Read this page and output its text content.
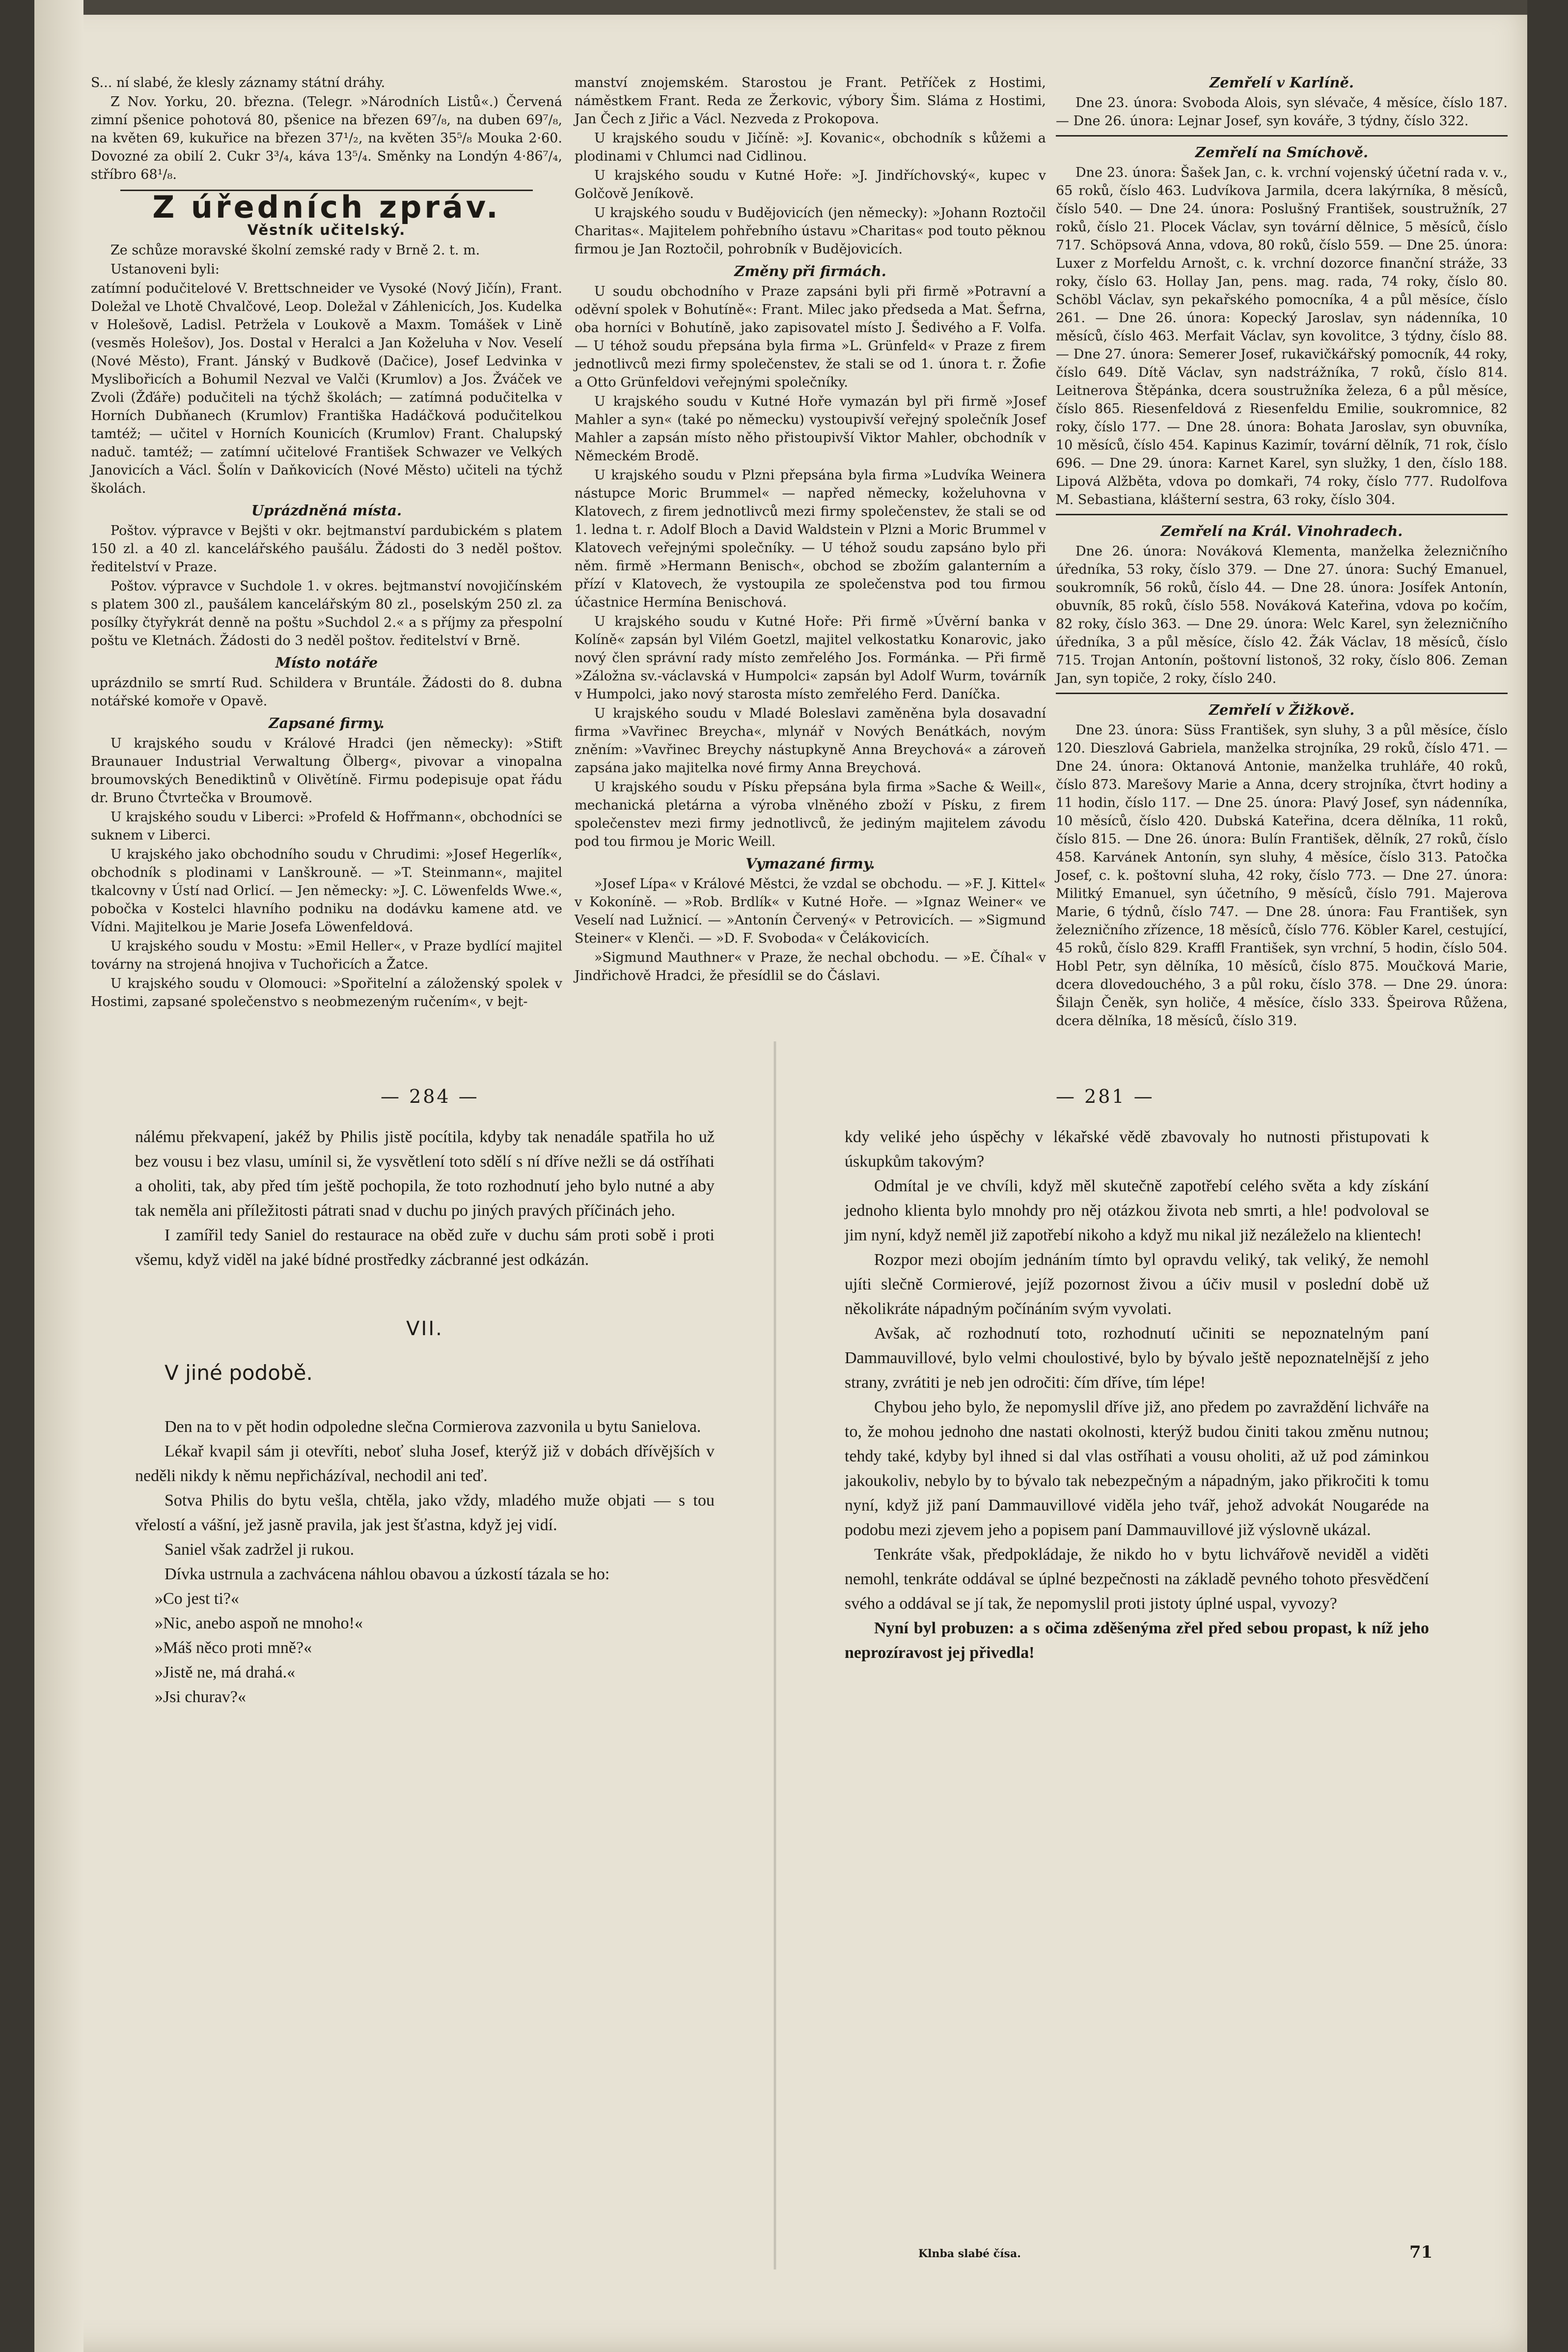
S... ní slabé, že klesly záznamy státní dráhy.

Z Nov. Yorku, 20. března. (Telegr. »Národních Listů«.) Červená zimní pšenice pohotová 80, pšenice na březen 69⁷/₈, na duben 69⁷/₈, na květen 69, kukuřice na březen 37¹/₂, na květen 35⁵/₈ Mouka 2·60. Dovozné za obilí 2. Cukr 3³/₄, káva 13⁵/₄. Směnky na Londýn 4·86⁷/₄, stříbro 68¹/₈.

Z úředních zpráv.
Věstník učitelský.

Ze schůze moravské školní zemské rady v Brně 2. t. m.

Ustanoveni byli:

zatímní podučitelové V. Brettschneider ve Vysoké (Nový Jičín), Frant. Doležal ve Lhotě Chvalčové, Leop. Doležal v Záhlenicích, Jos. Kudelka v Holešově, Ladisl. Petržela v Loukově a Maxm. Tomášek v Lině (vesměs Holešov), Jos. Dostal v Heralci a Jan Koželuha v Nov. Veselí (Nové Město), Frant. Jánský v Budkově (Dačice), Josef Ledvinka v Myslibořicích a Bohumil Nezval ve Valči (Krumlov) a Jos. Žváček ve Zvoli (Žďáře) podučiteli na týchž školách; — zatímná podučitelka v Horních Dubňanech (Krumlov) Františka Hadáčková podučitelkou tamtéž; — učitel v Horních Kounicích (Krumlov) Frant. Chalupský naduč. tamtéž; — zatímní učitelové František Schwazer ve Velkých Janovicích a Václ. Šolín v Daňkovicích (Nové Město) učiteli na týchž školách.

Uprázdněná místa.

Poštov. výpravce v Bejšti v okr. bejtmanství pardubickém s platem 150 zl. a 40 zl. kancelářského paušálu. Žádosti do 3 neděl poštov. ředitelství v Praze.

Poštov. výpravce v Suchdole 1. v okres. bejtmanství novojičínském s platem 300 zl., paušálem kancelářským 80 zl., poselským 250 zl. za posílky čtyřykrát denně na poštu »Suchdol 2.« a s příjmy za přespolní poštu ve Kletnách. Žádosti do 3 neděl poštov. ředitelství v Brně.

Místo notáře

uprázdnilo se smrtí Rud. Schildera v Bruntále. Žádosti do 8. dubna notářské komoře v Opavě.

Zapsané firmy.

U krajského soudu v Králové Hradci (jen německy): »Stift Braunauer Industrial Verwaltung Ölberg«, pivovar a vinopalna broumovských Benediktinů v Olivětíně. Firmu podepisuje opat řádu dr. Bruno Čtvrtečka v Broumově.

U krajského soudu v Liberci: »Profeld & Hofřmann«, obchodníci se suknem v Liberci.

U krajského jako obchodního soudu v Chrudimi: »Josef Hegerlík«, obchodník s plodinami v Lanškrouně. — »T. Steinmann«, majitel tkalcovny v Ústí nad Orlicí. — Jen německy: »J. C. Löwenfelds Wwe.«, pobočka v Kostelci hlavního podniku na dodávku kamene atd. ve Vídni. Majitelkou je Marie Josefa Löwenfeldová.

U krajského soudu v Mostu: »Emil Heller«, v Praze bydlící majitel továrny na strojená hnojiva v Tuchořicích a Žatce.

U krajského soudu v Olomouci: »Spořitelní a záloženský spolek v Hostimi, zapsané společenstvo s neobmezeným ručením«, v bejt-

manství znojemském. Starostou je Frant. Petříček z Hostimi, náměstkem Frant. Reda ze Žerkovic, výbory Šim. Sláma z Hostimi, Jan Čech z Jiřic a Václ. Nezveda z Prokopova.

U krajského soudu v Jičíně: »J. Kovanic«, obchodník s kůžemi a plodinami v Chlumci nad Cidlinou.

U krajského soudu v Kutné Hoře: »J. Jindříchovský«, kupec v Golčově Jeníkově.

U krajského soudu v Budějovicích (jen německy): »Johann Roztočil Charitas«. Majitelem pohřebního ústavu »Charitas« pod touto pěknou firmou je Jan Roztočil, pohrobník v Budějovicích.

Změny při firmách.

U soudu obchodního v Praze zapsáni byli při firmě »Potravní a oděvní spolek v Bohutíně«: Frant. Milec jako předseda a Mat. Šefrna, oba horníci v Bohutíně, jako zapisovatel místo J. Šedivého a F. Volfa. — U téhož soudu přepsána byla firma »L. Grünfeld« v Praze z firem jednotlivců mezi firmy společenstev, že stali se od 1. února t. r. Žofie a Otto Grünfeldovi veřejnými společníky.

U krajského soudu v Kutné Hoře vymazán byl při firmě »Josef Mahler a syn« (také po německu) vystoupivší veřejný společník Josef Mahler a zapsán místo něho přistoupivší Viktor Mahler, obchodník v Německém Brodě.

U krajského soudu v Plzni přepsána byla firma »Ludvíka Weinera nástupce Moric Brummel« — napřed německy, koželuhovna v Klatovech, z firem jednotlivců mezi firmy společenstev, že stali se od 1. ledna t. r. Adolf Bloch a David Waldstein v Plzni a Moric Brummel v Klatovech veřejnými společníky. — U téhož soudu zapsáno bylo při něm. firmě »Hermann Benisch«, obchod se zbožím galanterním a přízí v Klatovech, že vystoupila ze společenstva pod tou firmou účastnice Hermína Benischová.

U krajského soudu v Kutné Hoře: Při firmě »Úvěrní banka v Kolíně« zapsán byl Vilém Goetzl, majitel velkostatku Konarovic, jako nový člen správní rady místo zemřelého Jos. Formánka. — Při firmě »Záložna sv.-václavská v Humpolci« zapsán byl Adolf Wurm, továrník v Humpolci, jako nový starosta místo zemřelého Ferd. Daníčka.

U krajského soudu v Mladé Boleslavi zaměněna byla dosavadní firma »Vavřinec Breycha«, mlynář v Nových Benátkách, novým zněním: »Vavřinec Breychy nástupkyně Anna Breychová« a zároveň zapsána jako majitelka nové firmy Anna Breychová.

U krajského soudu v Písku přepsána byla firma »Sache & Weill«, mechanická pletárna a výroba vlněného zboží v Písku, z firem společenstev mezi firmy jednotlivců, že jediným majitelem závodu pod tou firmou je Moric Weill.

Vymazané firmy.

»Josef Lípa« v Králové Městci, že vzdal se obchodu. — »F. J. Kittel« v Kokoníně. — »Rob. Brdlík« v Kutné Hoře. — »Ignaz Weiner« ve Veselí nad Lužnicí. — »Antonín Červený« v Petrovicích. — »Sigmund Steiner« v Klenči. — »D. F. Svoboda« v Čelákovicích.

»Sigmund Mauthner« v Praze, že nechal obchodu. — »E. Číhal« v Jindřichově Hradci, že přesídlil se do Čáslavi.

Zemřelí v Karlíně.

Dne 23. února: Svoboda Alois, syn slévače, 4 měsíce, číslo 187. — Dne 26. února: Lejnar Josef, syn kováře, 3 týdny, číslo 322.

Zemřelí na Smíchově.

Dne 23. února: Šašek Jan, c. k. vrchní vojenský účetní rada v. v., 65 roků, číslo 463. Ludvíkova Jarmila, dcera lakýrníka, 8 měsíců, číslo 540. — Dne 24. února: Poslušný František, soustružník, 27 roků, číslo 21. Plocek Václav, syn tovární dělnice, 5 měsíců, číslo 717. Schöpsová Anna, vdova, 80 roků, číslo 559. — Dne 25. února: Luxer z Morfeldu Arnošt, c. k. vrchní dozorce finanční stráže, 33 roky, číslo 63. Hollay Jan, pens. mag. rada, 74 roky, číslo 80. Schöbl Václav, syn pekařského pomocníka, 4 a půl měsíce, číslo 261. — Dne 26. února: Kopecký Jaroslav, syn nádenníka, 10 měsíců, číslo 463. Merfait Václav, syn kovolitce, 3 týdny, číslo 88. — Dne 27. února: Semerer Josef, rukavičkářský pomocník, 44 roky, číslo 649. Dítě Václav, syn nadstrážníka, 7 roků, číslo 814. Leitnerova Štěpánka, dcera soustružníka železa, 6 a půl měsíce, číslo 865. Riesenfeldová z Riesenfeldu Emilie, soukromnice, 82 roky, číslo 177. — Dne 28. února: Bohata Jaroslav, syn obuvníka, 10 měsíců, číslo 454. Kapinus Kazimír, tovární dělník, 71 rok, číslo 696. — Dne 29. února: Karnet Karel, syn služky, 1 den, číslo 188. Lipová Alžběta, vdova po domkaři, 74 roky, číslo 777. Rudolfova M. Sebastiana, klášterní sestra, 63 roky, číslo 304.

Zemřelí na Král. Vinohradech.

Dne 26. února: Nováková Klementa, manželka železničního úředníka, 53 roky, číslo 379. — Dne 27. února: Suchý Emanuel, soukromník, 56 roků, číslo 44. — Dne 28. února: Josífek Antonín, obuvník, 85 roků, číslo 558. Nováková Kateřina, vdova po kočím, 82 roky, číslo 363. — Dne 29. února: Welc Karel, syn železničního úředníka, 3 a půl měsíce, číslo 42. Žák Václav, 18 měsíců, číslo 715. Trojan Antonín, poštovní listonoš, 32 roky, číslo 806. Zeman Jan, syn topiče, 2 roky, číslo 240.

Zemřelí v Žižkově.

Dne 23. února: Süss František, syn sluhy, 3 a půl měsíce, číslo 120. Dieszlová Gabriela, manželka strojníka, 29 roků, číslo 471. — Dne 24. února: Oktanová Antonie, manželka truhláře, 40 roků, číslo 873. Marešovy Marie a Anna, dcery strojníka, čtvrt hodiny a 11 hodin, číslo 117. — Dne 25. února: Plavý Josef, syn nádenníka, 10 měsíců, číslo 420. Dubská Kateřina, dcera dělníka, 11 roků, číslo 815. — Dne 26. února: Bulín František, dělník, 27 roků, číslo 458. Karvánek Antonín, syn sluhy, 4 měsíce, číslo 313. Patočka Josef, c. k. poštovní sluha, 42 roky, číslo 773. — Dne 27. února: Militký Emanuel, syn účetního, 9 měsíců, číslo 791. Majerova Marie, 6 týdnů, číslo 747. — Dne 28. února: Fau František, syn železničního zřízence, 18 měsíců, číslo 776. Köbler Karel, cestující, 45 roků, číslo 829. Kraffl František, syn vrchní, 5 hodin, číslo 504. Hobl Petr, syn dělníka, 10 měsíců, číslo 875. Moučková Marie, dcera dlovedouchého, 3 a půl roku, číslo 378. — Dne 29. února: Šilajn Čeněk, syn holiče, 4 měsíce, číslo 333. Špeirova Růžena, dcera dělníka, 18 měsíců, číslo 319.

— 284 —	— 281 —

nálému překvapení, jakéž by Philis jistě pocítila, kdyby tak nenadále spatřila ho už bez vousu i bez vlasu, umínil si, že vysvětlení toto sdělí s ní dříve nežli se dá ostříhati a oholiti, tak, aby před tím ještě pochopila, že toto rozhodnutí jeho bylo nutné a aby tak neměla ani příležitosti pátrati snad v duchu po jiných pravých příčinách jeho.

I zamířil tedy Saniel do restaurace na oběd zuře v duchu sám proti sobě i proti všemu, když viděl na jaké bídné prostředky zácbranné jest odkázán.

VII.
V jiné podobě.

Den na to v pět hodin odpoledne slečna Cormierova zazvonila u bytu Sanielova.

Lékař kvapil sám ji otevříti, neboť sluha Josef, kterýž již v dobách dřívějších v neděli nikdy k němu nepřicházíval, nechodil ani teď.

Sotva Philis do bytu vešla, chtěla, jako vždy, mladého muže objati — s tou vřelostí a vášní, jež jasně pravila, jak jest šťastna, když jej vidí.

Saniel však zadržel ji rukou.

Dívka ustrnula a zachvácena náhlou obavou a úzkostí tázala se ho:

»Co jest ti?«

»Nic, anebo aspoň ne mnoho!«

»Máš něco proti mně?«

»Jistě ne, má drahá.«

»Jsi churav?«

kdy veliké jeho úspěchy v lékařské vědě zbavovaly ho nutnosti přistupovati k úskupkům takovým?

Odmítal je ve chvíli, když měl skutečně zapotřebí celého světa a kdy získání jednoho klienta bylo mnohdy pro něj otázkou života neb smrti, a hle! podvoloval se jim nyní, když neměl již zapotřebí nikoho a když mu nikal již nezáleželo na klientech!

Rozpor mezi obojím jednáním tímto byl opravdu veliký, tak veliký, že nemohl ujíti slečně Cormierové, jejíž pozornost živou a účiv musil v poslední době už několikráte nápadným počínáním svým vyvolati.

Avšak, ač rozhodnutí toto, rozhodnutí učiniti se nepoznatelným paní Dammauvillové, bylo velmi choulostivé, bylo by bývalo ještě nepoznatelnější z jeho strany, zvrátiti je neb jen odročiti: čím dříve, tím lépe!

Chybou jeho bylo, že nepomyslil dříve již, ano předem po zavraždění lichváře na to, že mohou jednoho dne nastati okolnosti, kterýž budou činiti takou změnu nutnou; tehdy také, kdyby byl ihned si dal vlas ostříhati a vousu oholiti, až už pod záminkou jakoukoliv, nebylo by to bývalo tak nebezpečným a nápadným, jako přikročiti k tomu nyní, když již paní Dammauvillové viděla jeho tvář, jehož advokát Nougaréde na podobu mezi zjevem jeho a popisem paní Dammauvillové již výslovně ukázal.

Tenkráte však, předpokládaje, že nikdo ho v bytu lichvářově neviděl a viděti nemohl, tenkráte oddával se úplné bezpečnosti na základě pevného tohoto přesvědčení svého a oddával se jí tak, že nepomyslil proti jistoty úplné uspal, vyvozy?

Nyní byl probuzen: a s očima zděšenýma zřel před sebou propast, k níž jeho neprozíravost jej přivedla!

Klnba slabé čísa.	71
